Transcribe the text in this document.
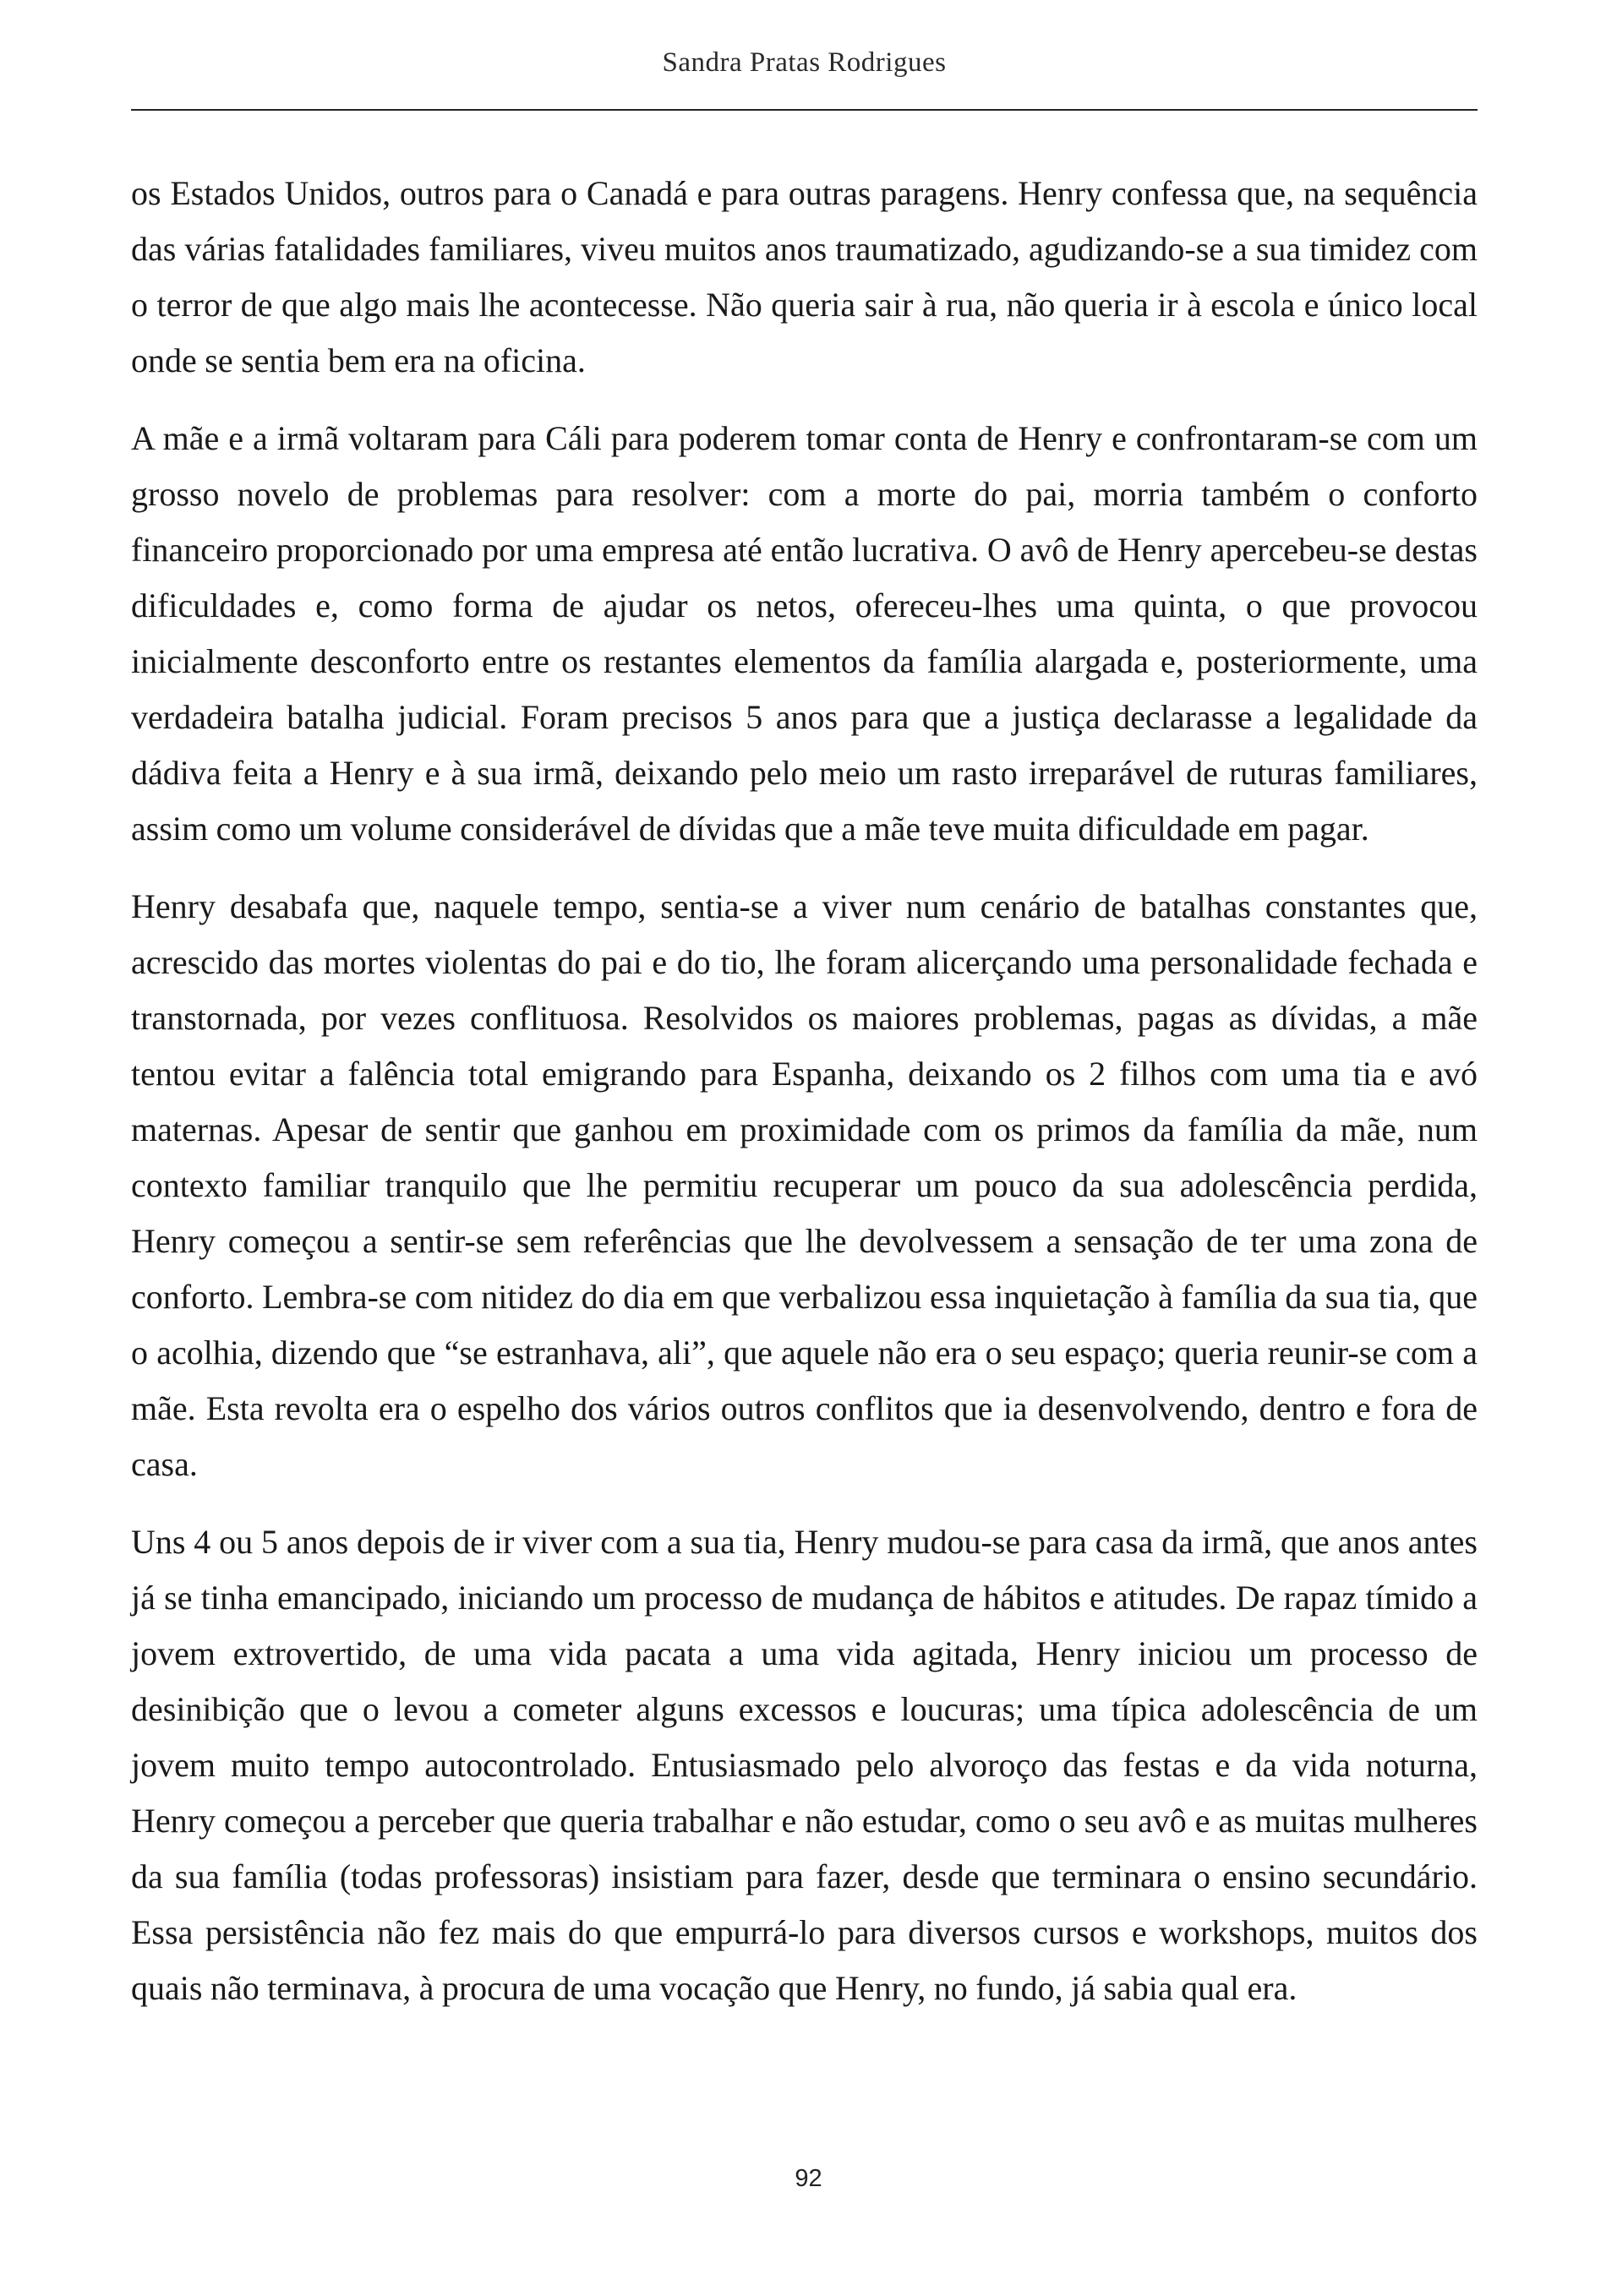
Sandra Pratas Rodrigues

os Estados Unidos, outros para o Canadá e para outras paragens. Henry confessa que, na sequência das várias fatalidades familiares, viveu muitos anos traumatizado, agudizando-se a sua timidez com o terror de que algo mais lhe acontecesse. Não queria sair à rua, não queria ir à escola e único local onde se sentia bem era na oficina.

A mãe e a irmã voltaram para Cáli para poderem tomar conta de Henry e confrontaram-se com um grosso novelo de problemas para resolver: com a morte do pai, morria também o conforto financeiro proporcionado por uma empresa até então lucrativa. O avô de Henry apercebeu-se destas dificuldades e, como forma de ajudar os netos, ofereceu-lhes uma quinta, o que provocou inicialmente desconforto entre os restantes elementos da família alargada e, posteriormente, uma verdadeira batalha judicial. Foram precisos 5 anos para que a justiça declarasse a legalidade da dádiva feita a Henry e à sua irmã, deixando pelo meio um rasto irreparável de ruturas familiares, assim como um volume considerável de dívidas que a mãe teve muita dificuldade em pagar.

Henry desabafa que, naquele tempo, sentia-se a viver num cenário de batalhas constantes que, acrescido das mortes violentas do pai e do tio, lhe foram alicerçando uma personalidade fechada e transtornada, por vezes conflituosa. Resolvidos os maiores problemas, pagas as dívidas, a mãe tentou evitar a falência total emigrando para Espanha, deixando os 2 filhos com uma tia e avó maternas. Apesar de sentir que ganhou em proximidade com os primos da família da mãe, num contexto familiar tranquilo que lhe permitiu recuperar um pouco da sua adolescência perdida, Henry começou a sentir-se sem referências que lhe devolvessem a sensação de ter uma zona de conforto. Lembra-se com nitidez do dia em que verbalizou essa inquietação à família da sua tia, que o acolhia, dizendo que “se estranhava, ali”, que aquele não era o seu espaço; queria reunir-se com a mãe. Esta revolta era o espelho dos vários outros conflitos que ia desenvolvendo, dentro e fora de casa.

Uns 4 ou 5 anos depois de ir viver com a sua tia, Henry mudou-se para casa da irmã, que anos antes já se tinha emancipado, iniciando um processo de mudança de hábitos e atitudes. De rapaz tímido a jovem extrovertido, de uma vida pacata a uma vida agitada, Henry iniciou um processo de desinibição que o levou a cometer alguns excessos e loucuras; uma típica adolescência de um jovem muito tempo autocontrolado. Entusiasmado pelo alvoroço das festas e da vida noturna, Henry começou a perceber que queria trabalhar e não estudar, como o seu avô e as muitas mulheres da sua família (todas professoras) insistiam para fazer, desde que terminara o ensino secundário. Essa persistência não fez mais do que empurrá-lo para diversos cursos e workshops, muitos dos quais não terminava, à procura de uma vocação que Henry, no fundo, já sabia qual era.

92
